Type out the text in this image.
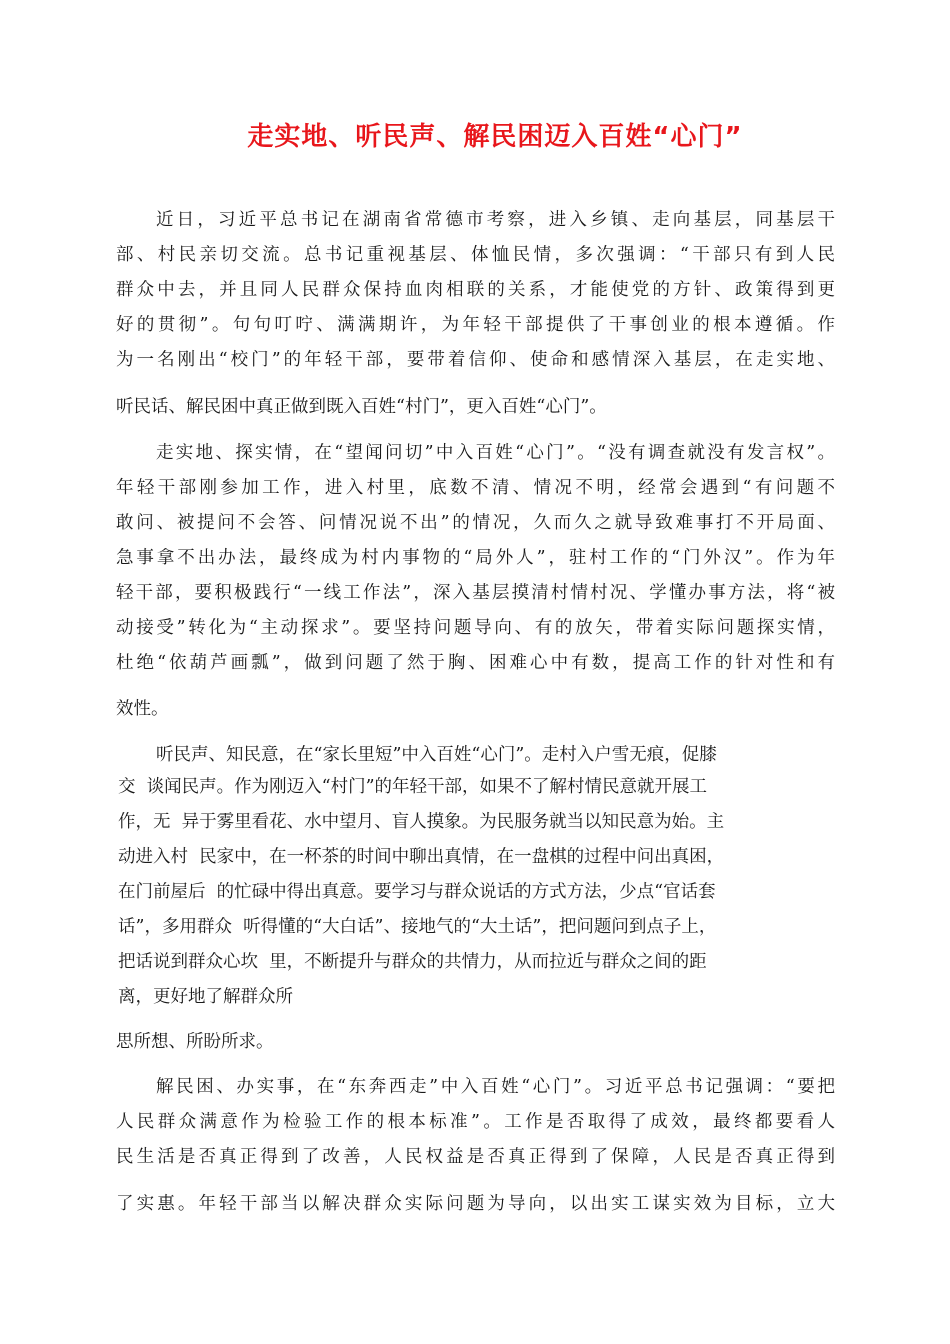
走实地、听民声、解民困迈入百姓“心门”

近日，习近平总书记在湖南省常德市考察，进入乡镇、走向基层，同基层干

部、村民亲切交流。总书记重视基层、体恤民情，多次强调：“干部只有到人民

群众中去，并且同人民群众保持血肉相联的关系，才能使党的方针、政策得到更

好的贯彻”。句句叮咛、满满期许，为年轻干部提供了干事创业的根本遵循。作

为一名刚出“校门”的年轻干部，要带着信仰、使命和感情深入基层，在走实地、

听民话、解民困中真正做到既入百姓“村门”，更入百姓“心门”。

走实地、探实情，在“望闻问切”中入百姓“心门”。“没有调查就没有发言权”。

年轻干部刚参加工作，进入村里，底数不清、情况不明，经常会遇到“有问题不

敢问、被提问不会答、问情况说不出”的情况，久而久之就导致难事打不开局面、

急事拿不出办法，最终成为村内事物的“局外人”，驻村工作的“门外汉”。作为年

轻干部，要积极践行“一线工作法”，深入基层摸清村情村况、学懂办事方法，将“被

动接受”转化为“主动探求”。要坚持问题导向、有的放矢，带着实际问题探实情，

杜绝“依葫芦画瓢”，做到问题了然于胸、困难心中有数，提高工作的针对性和有

效性。

听民声、知民意，在“家长里短”中入百姓“心门”。走村入户雪无痕，促膝

交  谈闻民声。作为刚迈入“村门”的年轻干部，如果不了解村情民意就开展工

作，无  异于雾里看花、水中望月、盲人摸象。为民服务就当以知民意为始。主

动进入村  民家中，在一杯茶的时间中聊出真情，在一盘棋的过程中问出真困，

在门前屋后  的忙碌中得出真意。要学习与群众说话的方式方法，少点“官话套

话”，多用群众  听得懂的“大白话”、接地气的“大土话”，把问题问到点子上，

把话说到群众心坎  里，不断提升与群众的共情力，从而拉近与群众之间的距

离，更好地了解群众所

思所想、所盼所求。

解民困、办实事，在“东奔西走”中入百姓“心门”。习近平总书记强调：“要把

人民群众满意作为检验工作的根本标准”。工作是否取得了成效，最终都要看人

民生活是否真正得到了改善，人民权益是否真正得到了保障，人民是否真正得到

了实惠。年轻干部当以解决群众实际问题为导向，以出实工谋实效为目标，立大
